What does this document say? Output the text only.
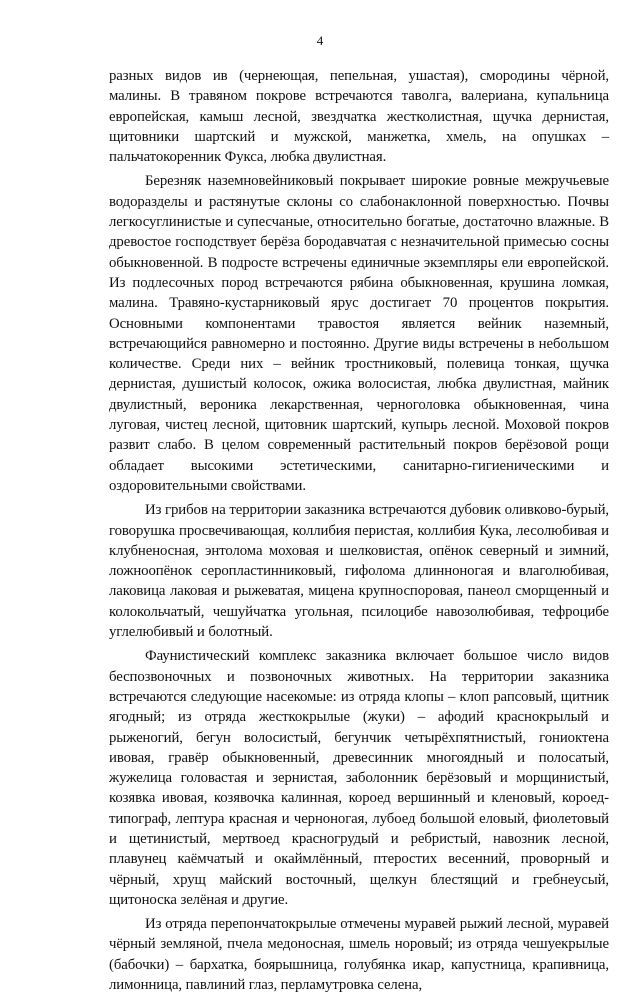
4

разных видов ив (чернеющая, пепельная, ушастая), смородины чёрной, малины. В травяном покрове встречаются таволга, валериана, купальница европейская, камыш лесной, звездчатка жестколистная, щучка дернистая, щитовники шартский и мужской, манжетка, хмель, на опушках – пальчатокоренник Фукса, любка двулистная.

Березняк наземновейниковый покрывает широкие ровные межручьевые водоразделы и растянутые склоны со слабонаклонной поверхностью. Почвы легкосуглинистые и супесчаные, относительно богатые, достаточно влажные. В древостое господствует берёза бородавчатая с незначительной примесью сосны обыкновенной. В подросте встречены единичные экземпляры ели европейской. Из подлесочных пород встречаются рябина обыкновенная, крушина ломкая, малина. Травяно-кустарниковый ярус достигает 70 процентов покрытия. Основными компонентами травостоя является вейник наземный, встречающийся равномерно и постоянно. Другие виды встречены в небольшом количестве. Среди них – вейник тростниковый, полевица тонкая, щучка дернистая, душистый колосок, ожика волосистая, любка двулистная, майник двулистный, вероника лекарственная, черноголовка обыкновенная, чина луговая, чистец лесной, щитовник шартский, купырь лесной. Моховой покров развит слабо. В целом современный растительный покров берёзовой рощи обладает высокими эстетическими, санитарно-гигиеническими и оздоровительными свойствами.

Из грибов на территории заказника встречаются дубовик оливково-бурый, говорушка просвечивающая, коллибия перистая, коллибия Кука, лесолюбивая и клубненосная, энтолома моховая и шелковистая, опёнок северный и зимний, ложноопёнок серопластинниковый, гифолома длинноногая и влаголюбивая, лаковица лаковая и рыжеватая, мицена крупноспоровая, панеол сморщенный и колокольчатый, чешуйчатка угольная, псилоцибе навозолюбивая, тефроцибе углелюбивый и болотный.

Фаунистический комплекс заказника включает большое число видов беспозвоночных и позвоночных животных. На территории заказника встречаются следующие насекомые: из отряда клопы – клоп рапсовый, щитник ягодный; из отряда жесткокрылые (жуки) – афодий краснокрылый и рыженогий, бегун волосистый, бегунчик четырёхпятнистый, гониоктена ивовая, гравёр обыкновенный, древесинник многоядный и полосатый, жужелица головастая и зернистая, заболонник берёзовый и морщинистый, козявка ивовая, козявочка калинная, короед вершинный и кленовый, короед-типограф, лептура красная и черноногая, лубоед большой еловый, фиолетовый и щетинистый, мертвоед красногрудый и ребристый, навозник лесной, плавунец каёмчатый и окаймлённый, птеростих весенний, проворный и чёрный, хрущ майский восточный, щелкун блестящий и гребнеусый, щитоноска зелёная и другие.

Из отряда перепончатокрылые отмечены муравей рыжий лесной, муравей чёрный земляной, пчела медоносная, шмель норовый; из отряда чешуекрылые (бабочки) – бархатка, боярышница, голубянка икар, капустница, крапивница, лимонница, павлиний глаз, перламутровка селена,
